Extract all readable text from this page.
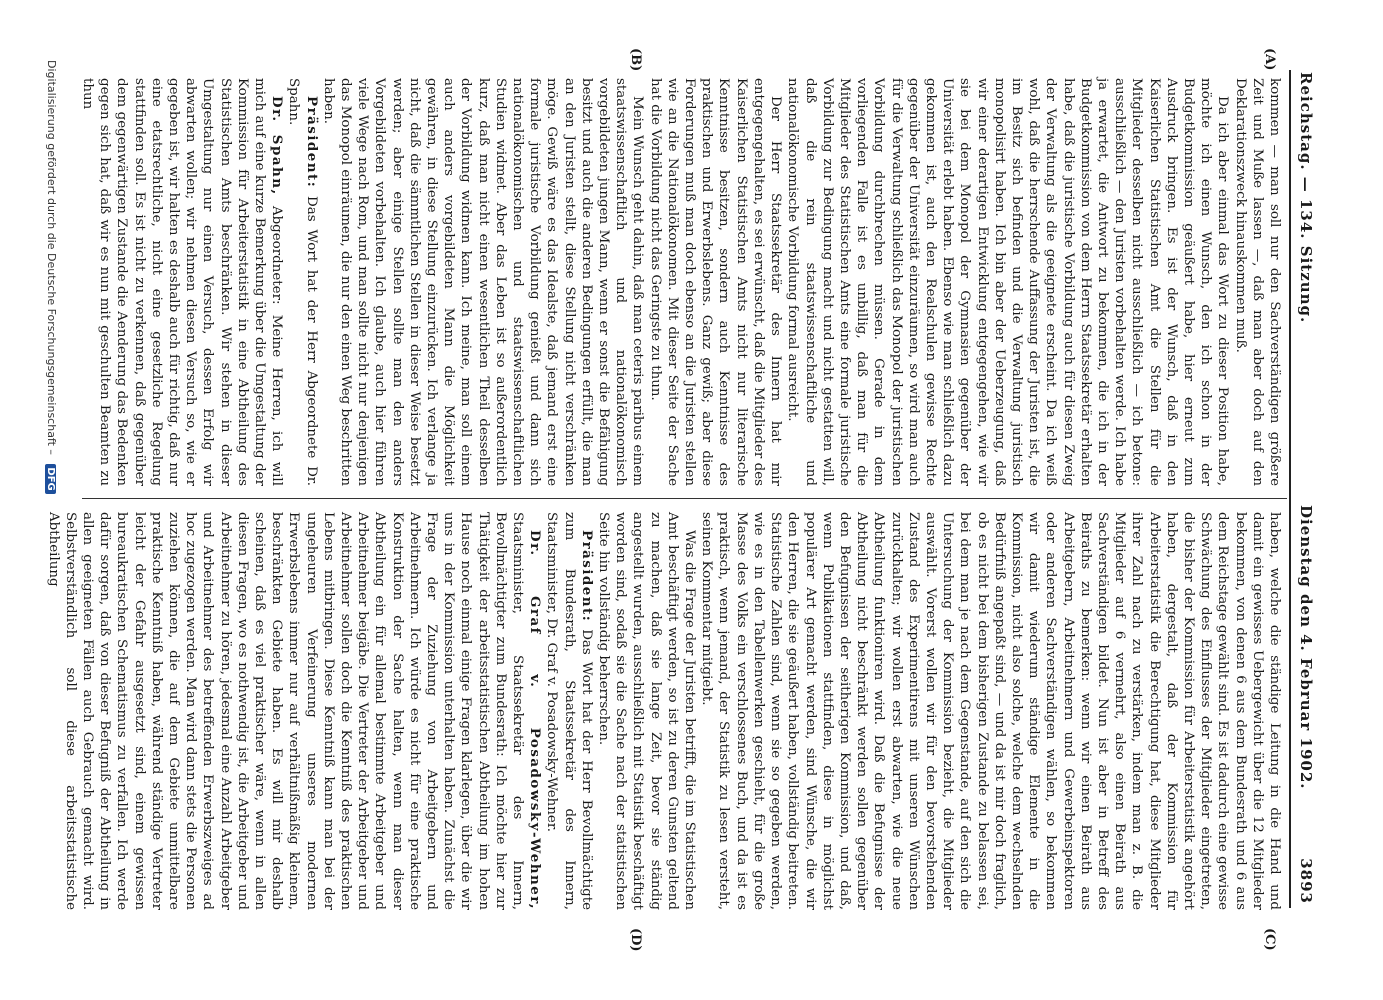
Reichstag. — 134. Sitzung.
Dienstag den 4. Februar 1902.
3893
(A)
(B)
(C)
(D)

kommen — man soll nur den Sachverständigen größere Zeit und Muße lassen —, daß man aber doch auf den Deklarationszweck hinauskommen muß.

Da ich aber einmal das Wort zu dieser Position habe, möchte ich einen Wunsch, den ich schon in der Budgetkommission geäußert habe, hier erneut zum Ausdruck bringen. Es ist der Wunsch, daß in den Kaiserlichen Statistischen Amt die Stellen für die Mitglieder desselben nicht ausschließlich — ich betone: ausschließlich — den Juristen vorbehalten werde. Ich habe ja erwartet, die Antwort zu bekommen, die ich in der Budgetkommission von dem Herrn Staatssekretär erhalten habe, daß die juristische Vorbildung auch für diesen Zweig der Verwaltung als die geeignete erscheint. Da ich weiß wohl, daß die herrschende Auffassung der Juristen ist, die im Besitz sich befinden und die Verwaltung juristisch monopolisirt haben. Ich bin aber der Ueberzeugung, daß wir einer derartigen Entwicklung entgegengehen, wie wir sie bei dem Monopol der Gymnasien gegenüber der Universität erlebt haben. Ebenso wie man schließlich dazu gekommen ist, auch den Realschulen gewisse Rechte gegenüber der Universität einzuräumen, so wird man auch für die Verwaltung schließlich das Monopol der juristischen Vorbildung durchbrechen müssen. Gerade in dem vorliegenden Falle ist es unbillig, daß man für die Mitglieder des Statistischen Amts eine formale juristische Vorbildung zur Bedingung macht und nicht gestatten will, daß die rein staatswissenschaftliche und nationalökonomische Vorbildung formal ausreicht.

Der Herr Staatssekretär des Innern hat mir entgegengehalten, es sei erwünscht, daß die Mitglieder des Kaiserlichen Statistischen Amts nicht nur literarische Kenntnisse besitzen, sondern auch Kenntnisse des praktischen und Erwerbslebens. Ganz gewiß; aber diese Forderungen muß man doch ebenso an die Juristen stellen wie an die Nationalökonomen. Mit dieser Seite der Sache hat die Vorbildung nicht das Geringste zu thun.

Mein Wunsch geht dahin, daß man ceteris paribus einem staatswissenschaftlich und nationalökonomisch vorgebildeten jungen Mann, wenn er sonst die Befähigung besitzt und auch die anderen Bedingungen erfüllt, die man an den Juristen stellt, diese Stellung nicht verschränken möge. Gewiß wäre es das Idealste, daß jemand erst eine formale juristische Vorbildung genießt und dann sich nationalökonomischen und staatswissenschaftlichen Studien widmet. Aber das Leben ist so außerordentlich kurz, daß man nicht einen wesentlichen Theil desselben der Vorbildung widmen kann. Ich meine, man soll einem auch anders vorgebildeten Mann die Möglichkeit gewähren, in diese Stellung einzurücken. Ich verlange ja nicht, daß die sämmtlichen Stellen in dieser Weise besetzt werden; aber einige Stellen sollte man den anders Vorgebildeten vorbehalten. Ich glaube, auch hier führen viele Wege nach Rom, und man sollte nicht nur denjenigen das Monopol einräumen, die nur den einen Weg beschritten haben.

Präsident: Das Wort hat der Herr Abgeordnete Dr. Spahn.

Dr. Spahn, Abgeordneter: Meine Herren, ich will mich auf eine kurze Bemerkung über die Umgestaltung der Kommission für Arbeiterstatistik in eine Abtheilung des Statistischen Amts beschränken. Wir stehen in dieser Umgestaltung nur einen Versuch, dessen Erfolg wir abwarten wollen; wir nehmen diesen Versuch so, wie er gegeben ist, wir halten es deshalb auch für richtig, daß nur eine etatsrechtliche, nicht eine gesetzliche Regelung stattfinden soll. Es ist nicht zu verkennen, daß gegenüber dem gegenwärtigen Zustande die Aenderung das Bedenken gegen sich hat, daß wir es nun mit geschulten Beamten zu thun

haben, welche die ständige Leitung in die Hand und damit ein gewisses Uebergewicht über die 12 Mitglieder bekommen, von denen 6 aus dem Bundesrath und 6 aus dem Reichstage gewählt sind. Es ist dadurch eine gewisse Schwächung des Einflusses der Mitglieder eingetreten, die bisher der Kommission für Arbeiterstatistik angehört haben, dergestalt, daß der Kommission für Arbeiterstatistik die Berechtigung hat, diese Mitglieder ihrer Zahl nach zu verstärken, indem man z. B. die Mitglieder auf 6 vermehrt, also einen Beirath aus Sachverständigen bildet. Nun ist aber in Betreff des Beiraths zu bemerken: wenn wir einen Beirath aus Arbeitgebern, Arbeitnehmern und Gewerbeinspektoren oder anderen Sachverständigen wählen, so bekommen wir damit wiederum ständige Elemente in die Kommission, nicht also solche, welche dem wechselnden Bedürfniß angepaßt sind, — und da ist mir doch fraglich, ob es nicht bei dem bisherigen Zustande zu belassen sei, bei dem man je nach dem Gegenstande, auf den sich die Untersuchung der Kommission bezieht, die Mitglieder auswählt. Vorerst wollen wir für den bevorstehenden Zustand des Experimentirens mit unseren Wünschen zurückhalten; wir wollen erst abwarten, wie die neue Abtheilung funktioniren wird. Daß die Befugnisse der Abtheilung nicht beschränkt werden sollen gegenüber den Befugnissen der seitherigen Kommission, und daß, wenn Publikationen stattfinden, diese in möglichst populärer Art gemacht werden, sind Wünsche, die wir den Herren, die sie geäußert haben, vollständig beitreten. Statistische Zahlen sind, wenn sie so gegeben werden, wie es in den Tabellenwerken geschieht, für die große Masse des Volks ein verschlossenes Buch, und da ist es praktisch, wenn jemand, der Statistik zu lesen versteht, seinen Kommentar mitgiebt.

Was die Frage der Juristen betrifft, die im Statistischen Amt beschäftigt werden, so ist zu deren Gunsten geltend zu machen, daß sie lange Zeit, bevor sie ständig angestellt wurden, ausschließlich mit Statistik beschäftigt worden sind, sodaß sie die Sache nach der statistischen Seite hin vollständig beherrschen.

Präsident: Das Wort hat der Herr Bevollmächtigte zum Bundesrath, Staatssekretär des Innern, Staatsminister, Dr. Graf v. Posadowsky-Wehner.

Dr. Graf v. Posadowsky-Wehner, Staatsminister, Staatssekretär des Innern, Bevollmächtigter zum Bundesrath: Ich möchte hier zur Thätigkeit der arbeitsstatistischen Abtheilung im hohen Hause noch einmal einige Fragen klarlegen, über die wir uns in der Kommission unterhalten haben. Zunächst die Frage der Zuziehung von Arbeitgebern und Arbeitnehmern. Ich würde es nicht für eine praktische Konstruktion der Sache halten, wenn man dieser Abtheilung ein für allemal bestimmte Arbeitgeber und Arbeitnehmer beigäbe. Die Vertreter der Arbeitgeber und Arbeitnehmer sollen doch die Kenntniß des praktischen Lebens mitbringen. Diese Kenntniß kann man bei der ungeheuren Verfeinerung unseres modernen Erwerbslebens immer nur auf verhältnißmäßig kleinem, beschränkten Gebiete haben. Es will mir deshalb scheinen, daß es viel praktischer wäre, wenn in allen diesen Fragen, wo es nothwendig ist, die Arbeitgeber und Arbeitnehmer zu hören, jedesmal eine Anzahl Arbeitgeber und Arbeitnehmer des betreffenden Erwerbszweiges ad hoc zugezogen werden. Man wird dann stets die Personen zuziehen können, die auf dem Gebiete unmittelbare praktische Kenntniß haben, während ständige Vertreter leicht der Gefahr ausgesetzt sind, einem gewissen bureaukratischen Schematismus zu verfallen. Ich werde dafür sorgen, daß von dieser Befugniß der Abtheilung in allen geeigneten Fällen auch Gebrauch gemacht wird. Selbstverständlich soll diese arbeitsstatistische Abtheilung

Digitalisierung gefördert durch die Deutsche Forschungsgemeinschaft – DFG
